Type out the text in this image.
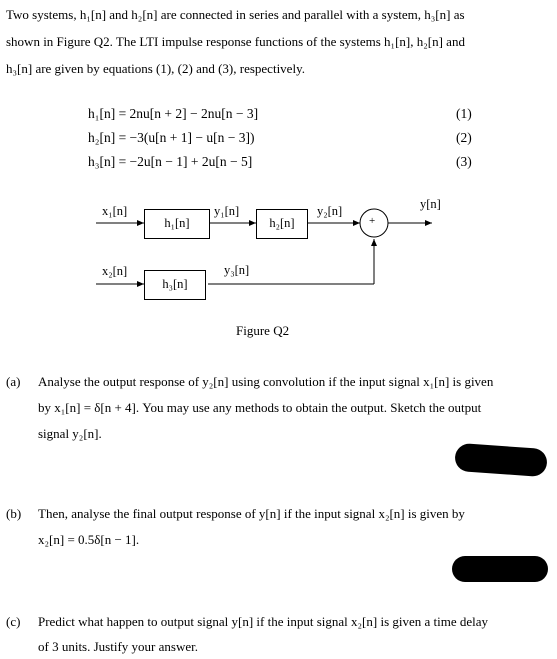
Two systems, h₁[n] and h₂[n] are connected in series and parallel with a system, h₃[n] as
shown in Figure Q2. The LTI impulse response functions of the systems h₁[n], h₂[n] and
h₃[n] are given by equations (1), (2) and (3), respectively.
h₁[n] = 2nu[n + 2] − 2nu[n − 3]	(1)
h₂[n] = −3(u[n + 1] − u[n − 3])	(2)
h₃[n] = −2u[n − 1] + 2u[n − 5]	(3)
h₁[n]	h₂[n]
h₃[n]
x₁[n]	y₁[n]	y₂[n]	y[n]
+
x₂[n]	y₃[n]
Figure Q2
(a) Analyse the output response of y₂[n] using convolution if the input signal x₁[n] is given
by x₁[n] = δ[n + 4]. You may use any methods to obtain the output. Sketch the output
signal y₂[n].
(b) Then, analyse the final output response of y[n] if the input signal x₂[n] is given by
x₂[n] = 0.5δ[n − 1].
(c) Predict what happen to output signal y[n] if the input signal x₂[n] is given a time delay
of 3 units. Justify your answer.
